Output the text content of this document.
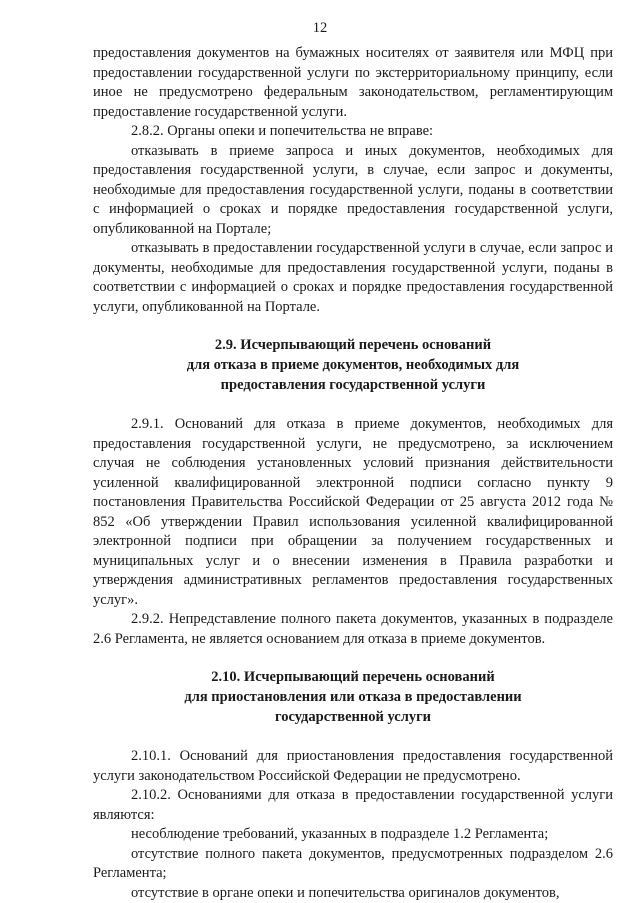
12

предоставления документов на бумажных носителях от заявителя или МФЦ при предоставлении государственной услуги по экстерриториальному принципу, если иное не предусмотрено федеральным законодательством, регламентирующим предоставление государственной услуги.

2.8.2. Органы опеки и попечительства не вправе:

отказывать в приеме запроса и иных документов, необходимых для предоставления государственной услуги, в случае, если запрос и документы, необходимые для предоставления государственной услуги, поданы в соответствии с информацией о сроках и порядке предоставления государственной услуги, опубликованной на Портале;

отказывать в предоставлении государственной услуги в случае, если запрос и документы, необходимые для предоставления государственной услуги, поданы в соответствии с информацией о сроках и порядке предоставления государственной услуги, опубликованной на Портале.

2.9. Исчерпывающий перечень оснований
для отказа в приеме документов, необходимых для
предоставления государственной услуги

2.9.1. Оснований для отказа в приеме документов, необходимых для предоставления государственной услуги, не предусмотрено, за исключением случая не соблюдения установленных условий признания действительности усиленной квалифицированной электронной подписи согласно пункту 9 постановления Правительства Российской Федерации от 25 августа 2012 года № 852 «Об утверждении Правил использования усиленной квалифицированной электронной подписи при обращении за получением государственных и муниципальных услуг и о внесении изменения в Правила разработки и утверждения административных регламентов предоставления государственных услуг».

2.9.2. Непредставление полного пакета документов, указанных в подразделе 2.6 Регламента, не является основанием для отказа в приеме документов.

2.10. Исчерпывающий перечень оснований
для приостановления или отказа в предоставлении
государственной услуги

2.10.1. Оснований для приостановления предоставления государственной услуги законодательством Российской Федерации не предусмотрено.

2.10.2. Основаниями для отказа в предоставлении государственной услуги являются:

несоблюдение требований, указанных в подразделе 1.2 Регламента;

отсутствие полного пакета документов, предусмотренных подразделом 2.6 Регламента;

отсутствие в органе опеки и попечительства оригиналов документов,
